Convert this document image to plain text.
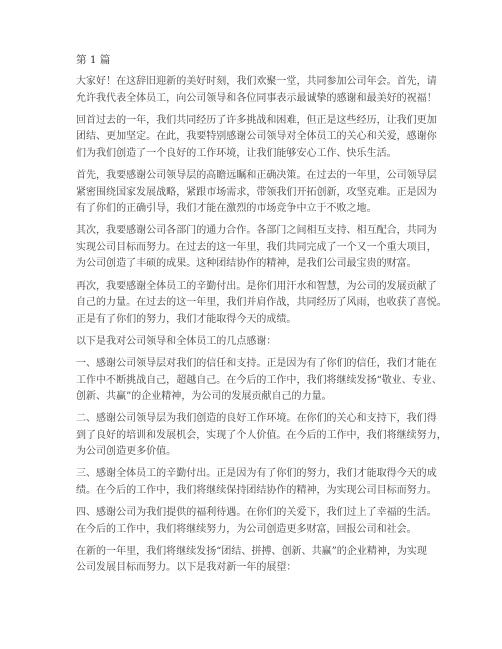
第 1 篇
大家好！在这辞旧迎新的美好时刻，我们欢聚一堂，共同参加公司年会。首先，请
允许我代表全体员工，向公司领导和各位同事表示最诚挚的感谢和最美好的祝福！
回首过去的一年，我们共同经历了许多挑战和困难，但正是这些经历，让我们更加
团结、更加坚定。在此，我要特别感谢公司领导对全体员工的关心和关爱，感谢你
们为我们创造了一个良好的工作环境，让我们能够安心工作、快乐生活。
首先，我要感谢公司领导层的高瞻远瞩和正确决策。在过去的一年里，公司领导层
紧密围绕国家发展战略，紧跟市场需求，带领我们开拓创新，攻坚克难。正是因为
有了你们的正确引导，我们才能在激烈的市场竞争中立于不败之地。
其次，我要感谢公司各部门的通力合作。各部门之间相互支持、相互配合，共同为
实现公司目标而努力。在过去的这一年里，我们共同完成了一个又一个重大项目，
为公司创造了丰硕的成果。这种团结协作的精神，是我们公司最宝贵的财富。
再次，我要感谢全体员工的辛勤付出。是你们用汗水和智慧，为公司的发展贡献了
自己的力量。在过去的这一年里，我们并肩作战，共同经历了风雨，也收获了喜悦。
正是有了你们的努力，我们才能取得今天的成绩。
以下是我对公司领导和全体员工的几点感谢：
一、感谢公司领导层对我们的信任和支持。正是因为有了你们的信任，我们才能在
工作中不断挑战自己，超越自己。在今后的工作中，我们将继续发扬“敬业、专业、
创新、共赢”的企业精神，为公司的发展贡献自己的力量。
二、感谢公司领导层为我们创造的良好工作环境。在你们的关心和支持下，我们得
到了良好的培训和发展机会，实现了个人价值。在今后的工作中，我们将继续努力，
为公司创造更多价值。
三、感谢全体员工的辛勤付出。正是因为有了你们的努力，我们才能取得今天的成
绩。在今后的工作中，我们将继续保持团结协作的精神，为实现公司目标而努力。
四、感谢公司为我们提供的福利待遇。在你们的关爱下，我们过上了幸福的生活。
在今后的工作中，我们将继续努力，为公司创造更多财富，回报公司和社会。
在新的一年里，我们将继续发扬“团结、拼搏、创新、共赢”的企业精神，为实现
公司发展目标而努力。以下是我对新一年的展望：
